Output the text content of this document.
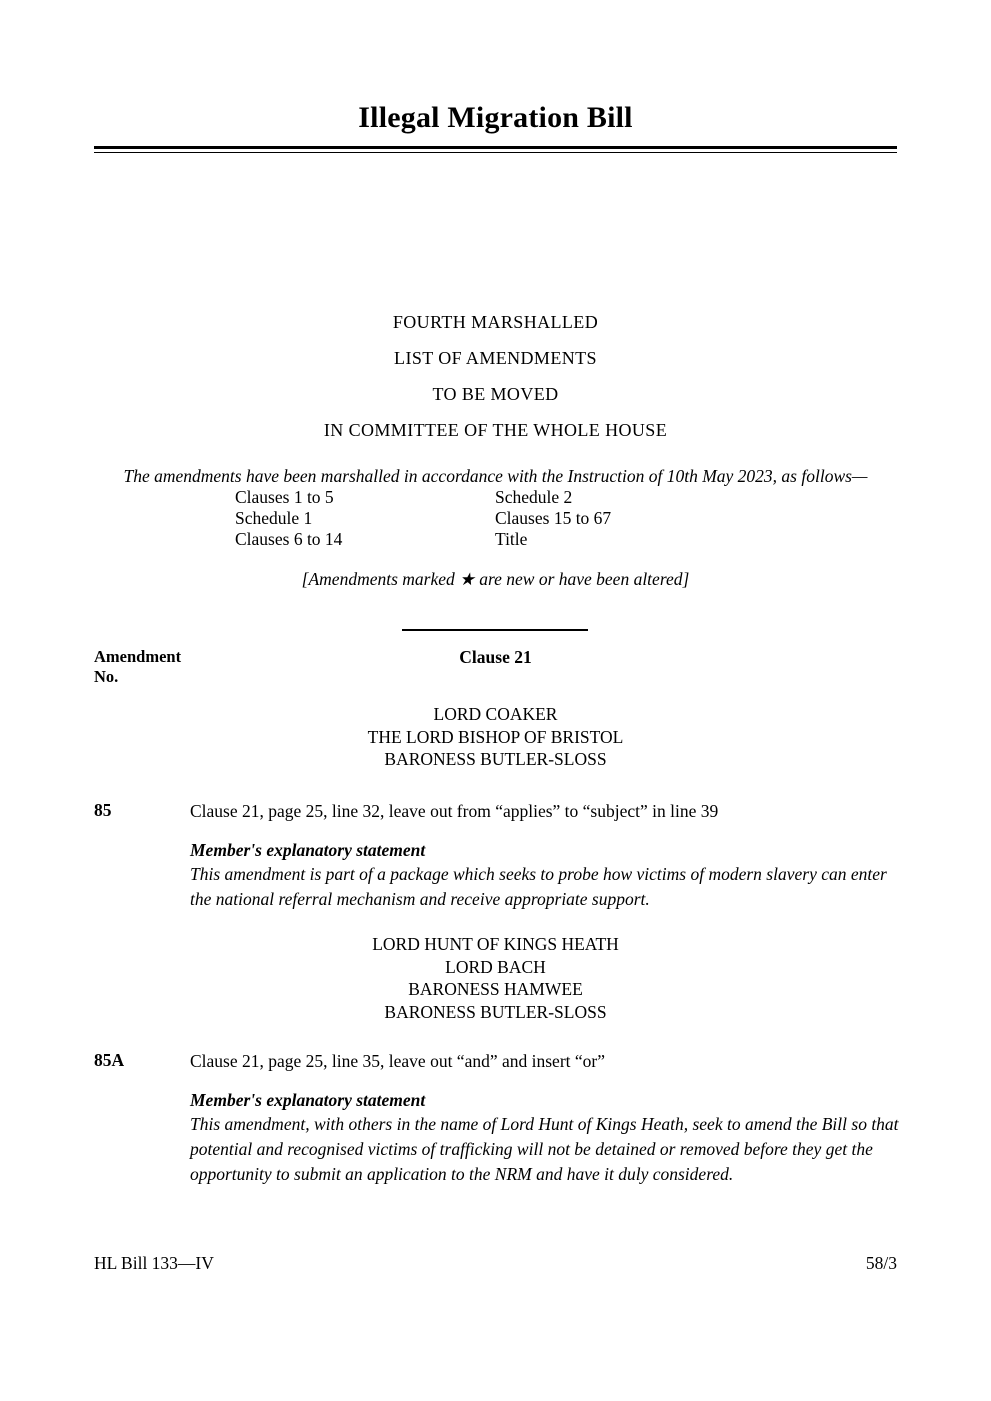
Illegal Migration Bill
FOURTH MARSHALLED
LIST OF AMENDMENTS
TO BE MOVED
IN COMMITTEE OF THE WHOLE HOUSE
The amendments have been marshalled in accordance with the Instruction of 10th May 2023, as follows—
Clauses 1 to 5
Schedule 1
Clauses 6 to 14
Schedule 2
Clauses 15 to 67
Title
[Amendments marked ★ are new or have been altered]
Amendment
No.
Clause 21
LORD COAKER
THE LORD BISHOP OF BRISTOL
BARONESS BUTLER-SLOSS
85	Clause 21, page 25, line 32, leave out from “applies” to “subject” in line 39
Member's explanatory statement
This amendment is part of a package which seeks to probe how victims of modern slavery can enter the national referral mechanism and receive appropriate support.
LORD HUNT OF KINGS HEATH
LORD BACH
BARONESS HAMWEE
BARONESS BUTLER-SLOSS
85A	Clause 21, page 25, line 35, leave out “and” and insert “or”
Member's explanatory statement
This amendment, with others in the name of Lord Hunt of Kings Heath, seek to amend the Bill so that potential and recognised victims of trafficking will not be detained or removed before they get the opportunity to submit an application to the NRM and have it duly considered.
HL Bill 133—IV	58/3
